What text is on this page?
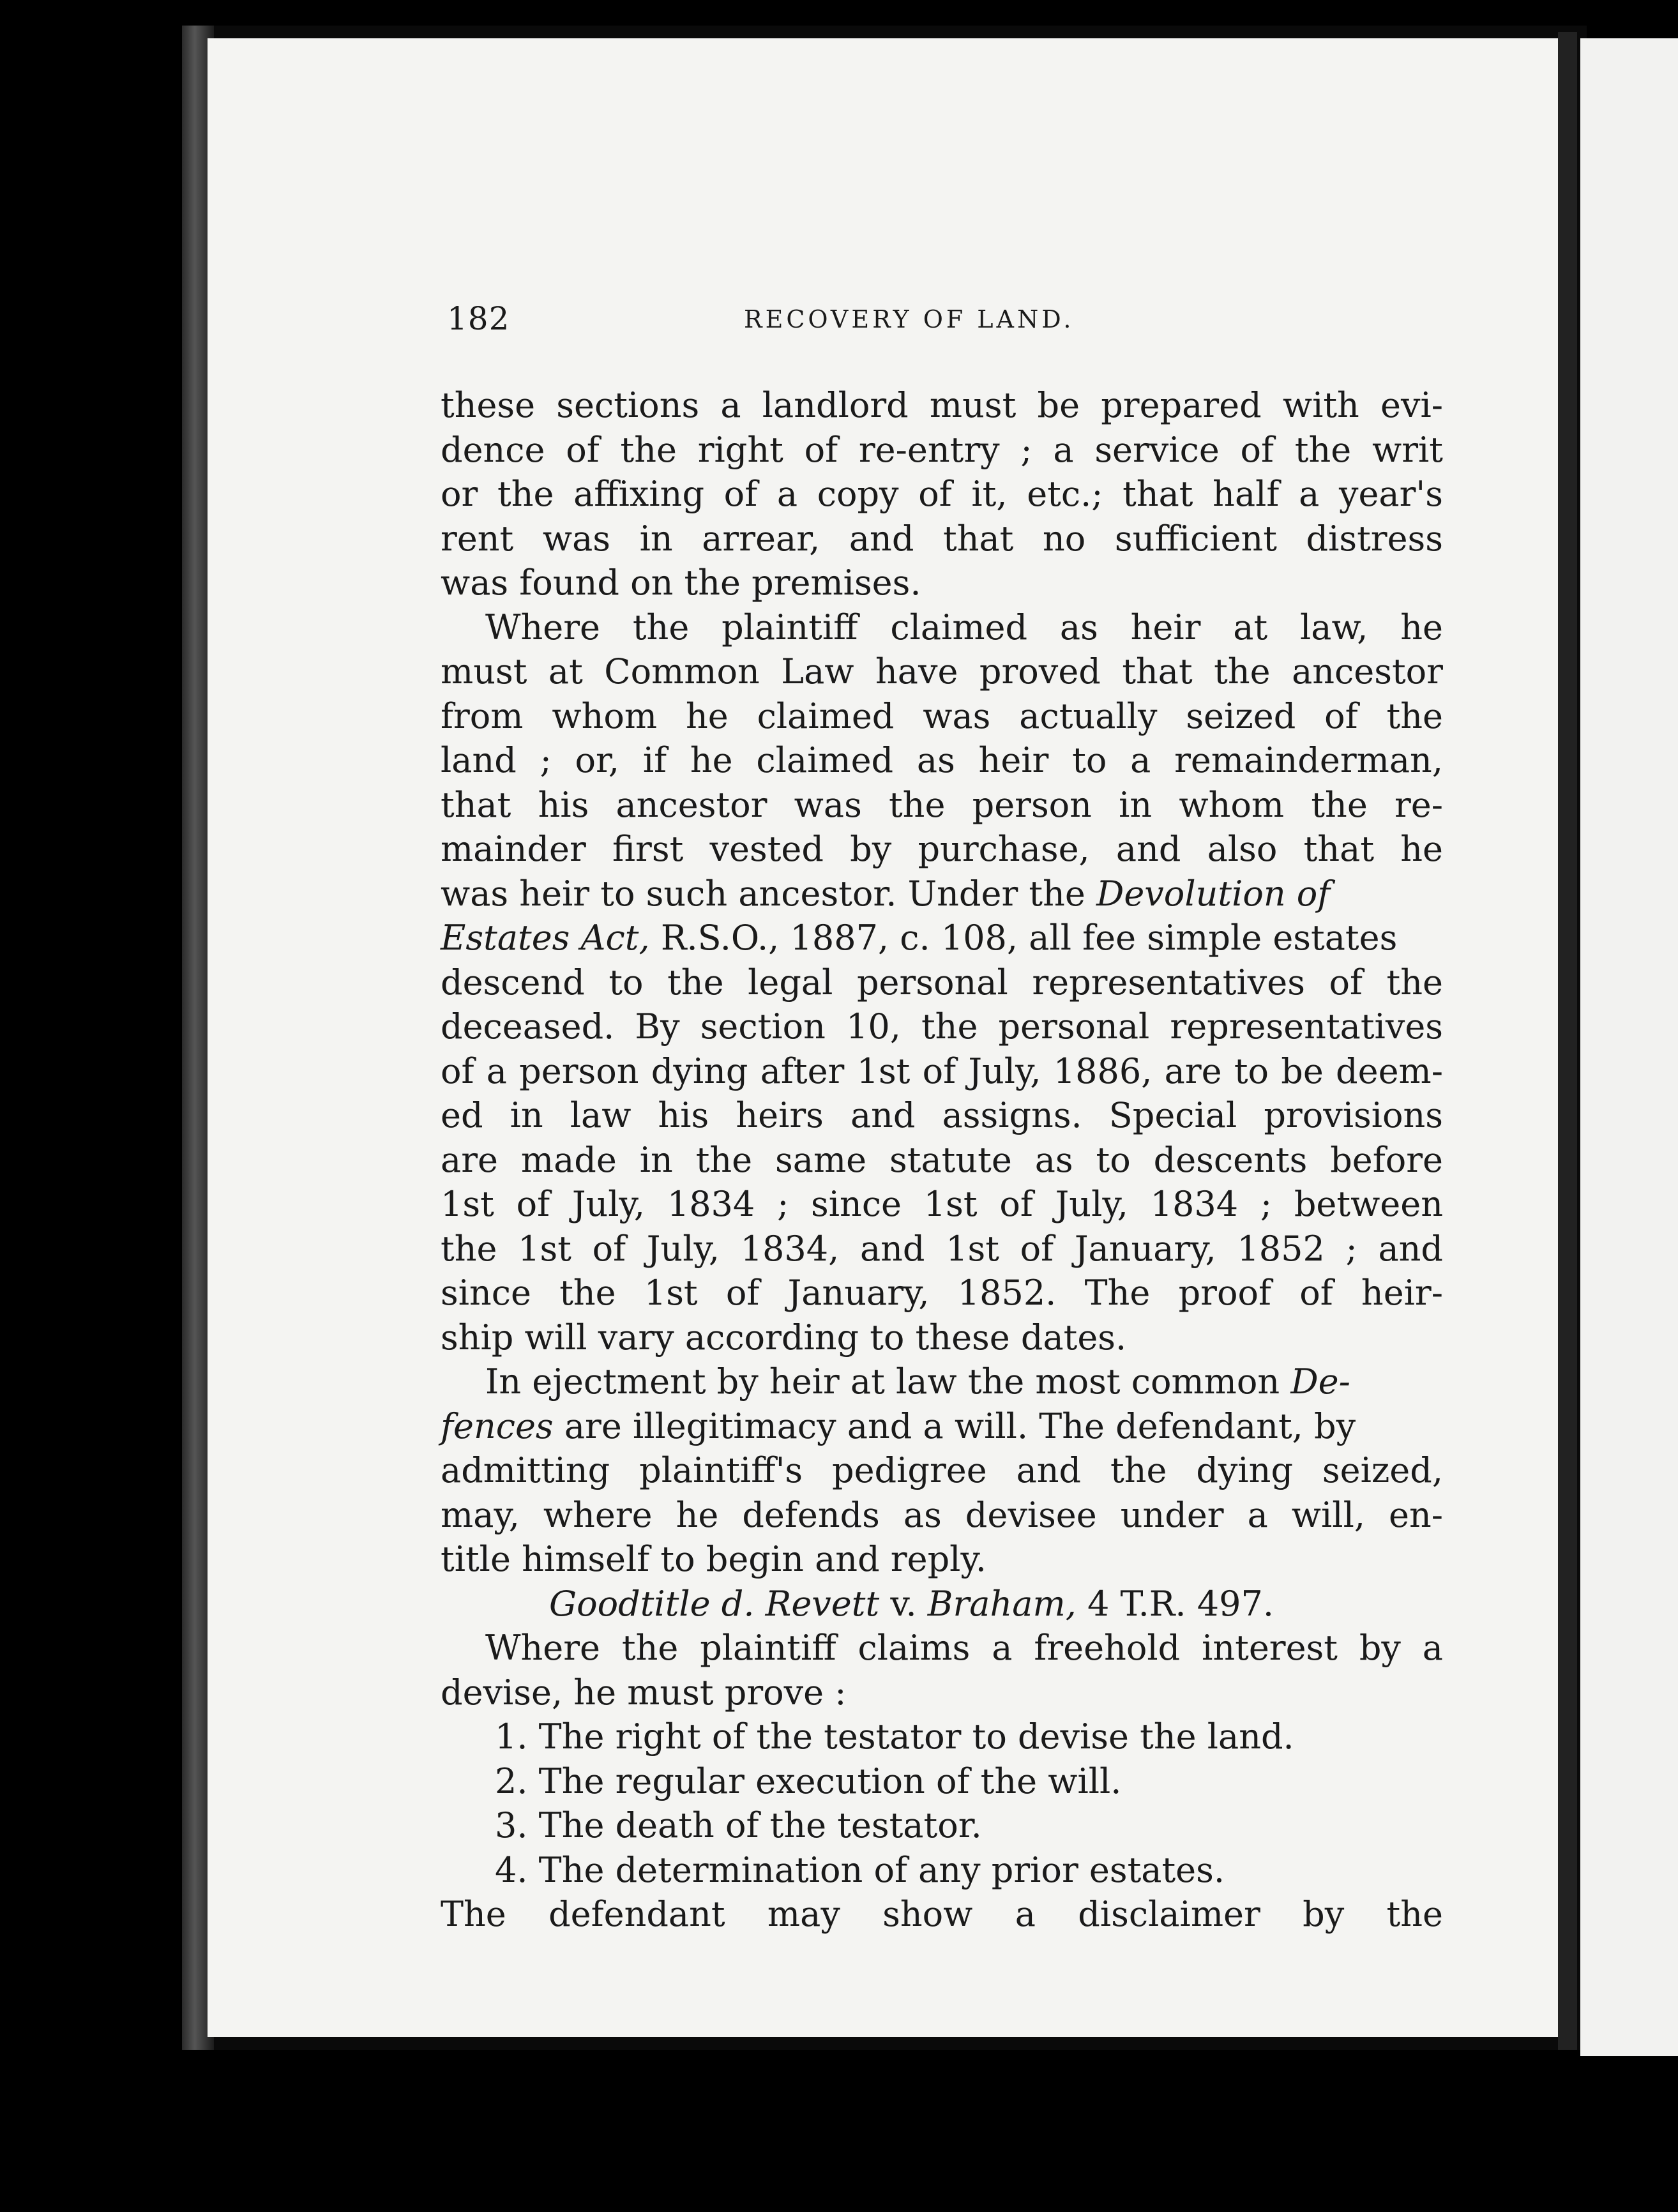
182	RECOVERY OF LAND.
these sections a landlord must be prepared with evi-
dence of the right of re-entry ; a service of the writ
or the affixing of a copy of it, etc.; that half a year's
rent was in arrear, and that no sufficient distress
was found on the premises.
Where the plaintiff claimed as heir at law, he
must at Common Law have proved that the ancestor
from whom he claimed was actually seized of the
land ; or, if he claimed as heir to a remainderman,
that his ancestor was the person in whom the re-
mainder first vested by purchase, and also that he
was heir to such ancestor. Under the Devolution of
Estates Act, R.S.O., 1887, c. 108, all fee simple estates
descend to the legal personal representatives of the
deceased. By section 10, the personal representatives
of a person dying after 1st of July, 1886, are to be deem-
ed in law his heirs and assigns. Special provisions
are made in the same statute as to descents before
1st of July, 1834 ; since 1st of July, 1834 ; between
the 1st of July, 1834, and 1st of January, 1852 ; and
since the 1st of January, 1852. The proof of heir-
ship will vary according to these dates.
In ejectment by heir at law the most common De-
fences are illegitimacy and a will. The defendant, by
admitting plaintiff's pedigree and the dying seized,
may, where he defends as devisee under a will, en-
title himself to begin and reply.
Goodtitle d. Revett v. Braham, 4 T.R. 497.
Where the plaintiff claims a freehold interest by a
devise, he must prove :
1. The right of the testator to devise the land.
2. The regular execution of the will.
3. The death of the testator.
4. The determination of any prior estates.
The defendant may show a disclaimer by the
